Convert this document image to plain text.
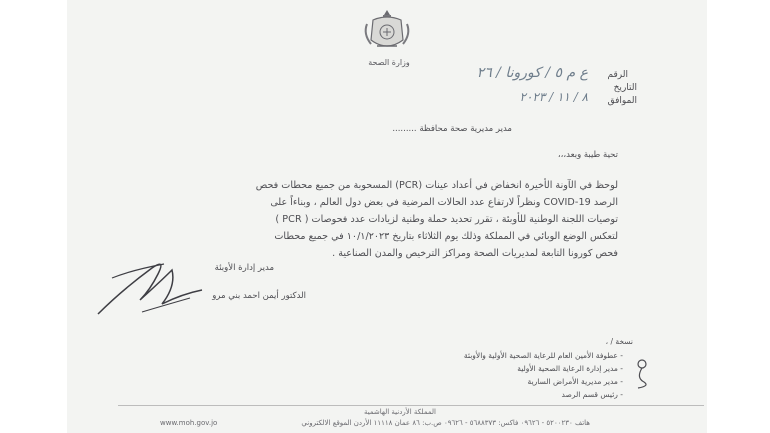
وزارة الصحة
الرقم
ع م ٥ / كورونا / ٢٦
التاريخ
الموافق
٨ / ١١ / ٢٠٢٣
مدير مديرية صحة محافظة .........
تحية طيبة وبعد،،،
لوحظ في الآونة الأخيرة انخفاض في أعداد عينات (PCR) المسحوبة من جميع محطات فحص
الرصد COVID-19 ونظراً لارتفاع عدد الحالات المرضية في بعض دول العالم ، وبناءاً على
توصيات اللجنة الوطنية للأوبئة ، تقرر تحديد حملة وطنية لزيادات عدد فحوصات ( PCR )
لتعكس الوضع الوبائي في المملكة وذلك يوم الثلاثاء بتاريخ ١٠/١/٢٠٢٣ في جميع محطات
فحص كورونا التابعة لمديريات الصحة ومراكز الترخيص والمدن الصناعية .
مدير إدارة الأوبئة
الدكتور أيمن احمد بني مرو
نسخة / ،
- عطوفة الأمين العام للرعاية الصحية الأولية والأوبئة
- مدير إدارة الرعاية الصحية الأولية
- مدير مديرية الأمراض السارية
- رئيس قسم الرصد
المملكة الأردنية الهاشمية
هاتف ٥٢٠٠٢٣٠ - ٠٩٦٢٦ فاكس: ٥٦٨٨٣٧٣ - ٠٩٦٢٦ ص.ب: ٨٦ عمان ١١١١٨ الأردن الموقع الالكتروني
www.moh.gov.jo
